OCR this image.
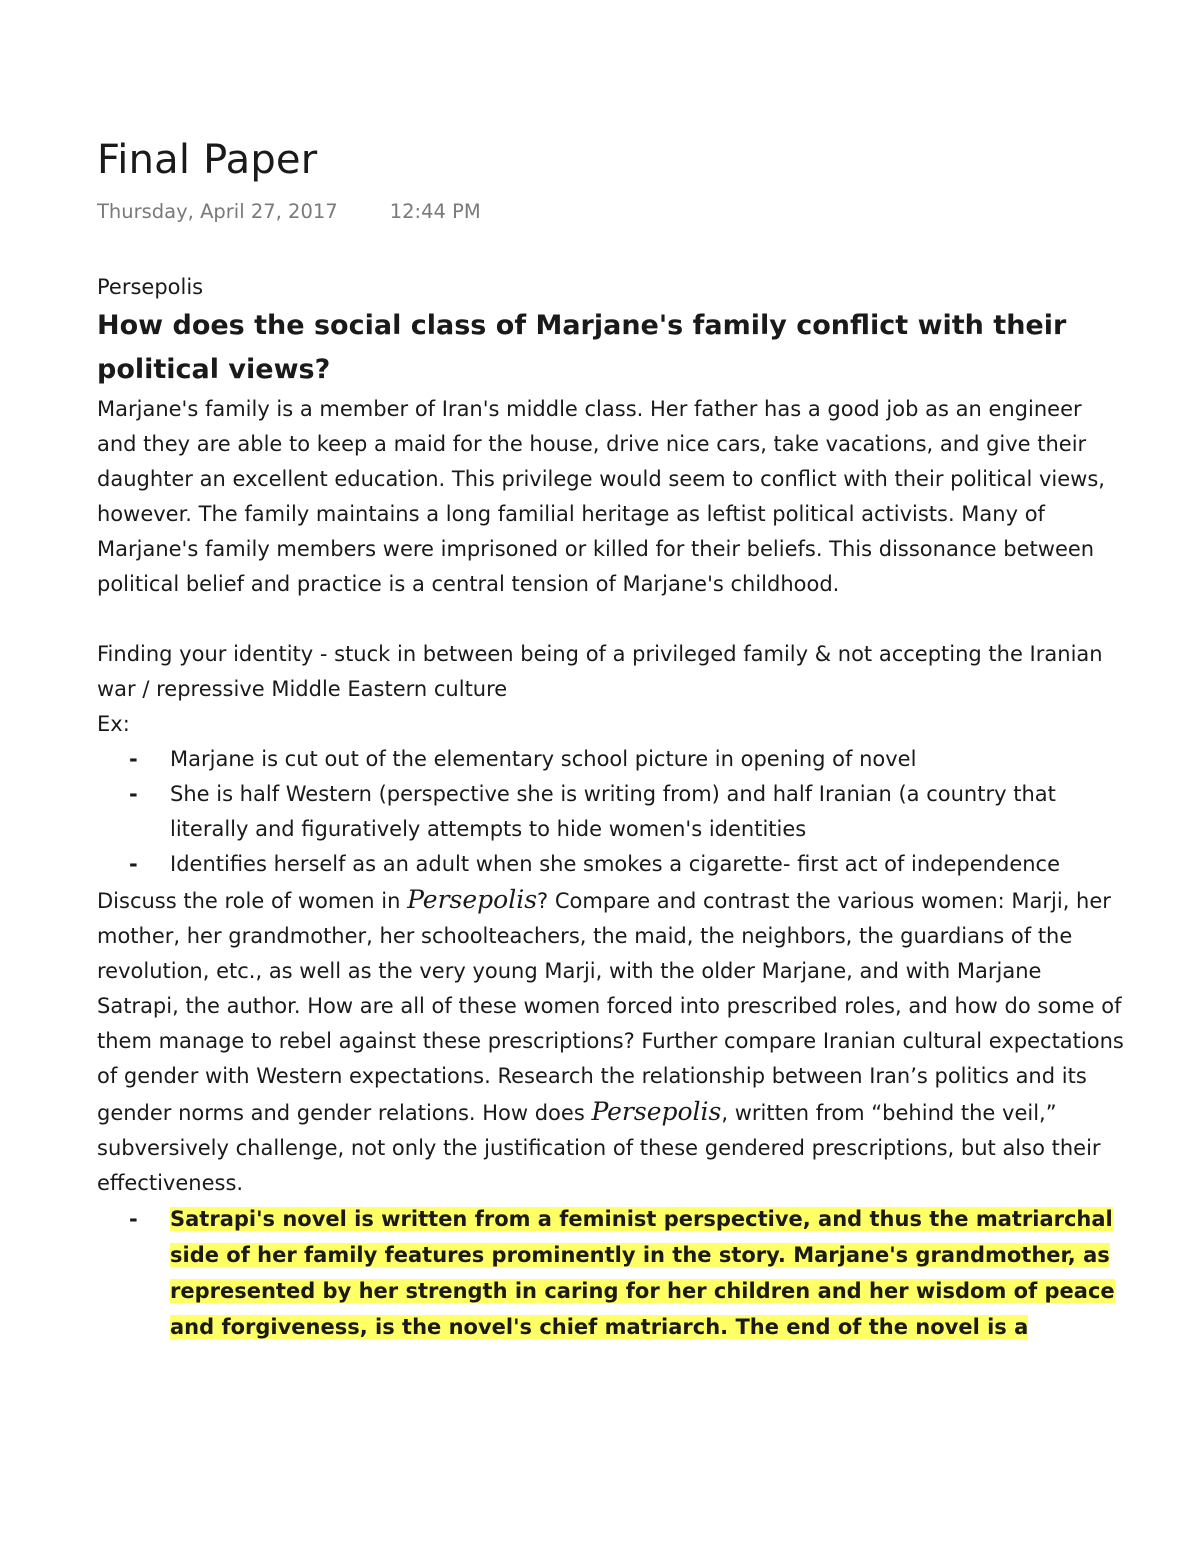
Final Paper
Thursday, April 27, 2017	12:44 PM
Persepolis
How does the social class of Marjane's family conflict with their political views?

Marjane's family is a member of Iran's middle class. Her father has a good job as an engineer and they are able to keep a maid for the house, drive nice cars, take vacations, and give their daughter an excellent education. This privilege would seem to conflict with their political views, however. The family maintains a long familial heritage as leftist political activists. Many of Marjane's family members were imprisoned or killed for their beliefs. This dissonance between political belief and practice is a central tension of Marjane's childhood.

Finding your identity - stuck in between being of a privileged family & not accepting the Iranian war / repressive Middle Eastern culture

Ex:

- Marjane is cut out of the elementary school picture in opening of novel
- She is half Western (perspective she is writing from) and half Iranian (a country that literally and figuratively attempts to hide women's identities
- Identifies herself as an adult when she smokes a cigarette- first act of independence

Discuss the role of women in Persepolis? Compare and contrast the various women: Marji, her mother, her grandmother, her schoolteachers, the maid, the neighbors, the guardians of the revolution, etc., as well as the very young Marji, with the older Marjane, and with Marjane Satrapi, the author. How are all of these women forced into prescribed roles, and how do some of them manage to rebel against these prescriptions? Further compare Iranian cultural expectations of gender with Western expectations. Research the relationship between Iran’s politics and its gender norms and gender relations. How does Persepolis, written from “behind the veil,” subversively challenge, not only the justification of these gendered prescriptions, but also their effectiveness.

- Satrapi's novel is written from a feminist perspective, and thus the matriarchal side of her family features prominently in the story. Marjane's grandmother, as represented by her strength in caring for her children and her wisdom of peace and forgiveness, is the novel's chief matriarch. The end of the novel is a
